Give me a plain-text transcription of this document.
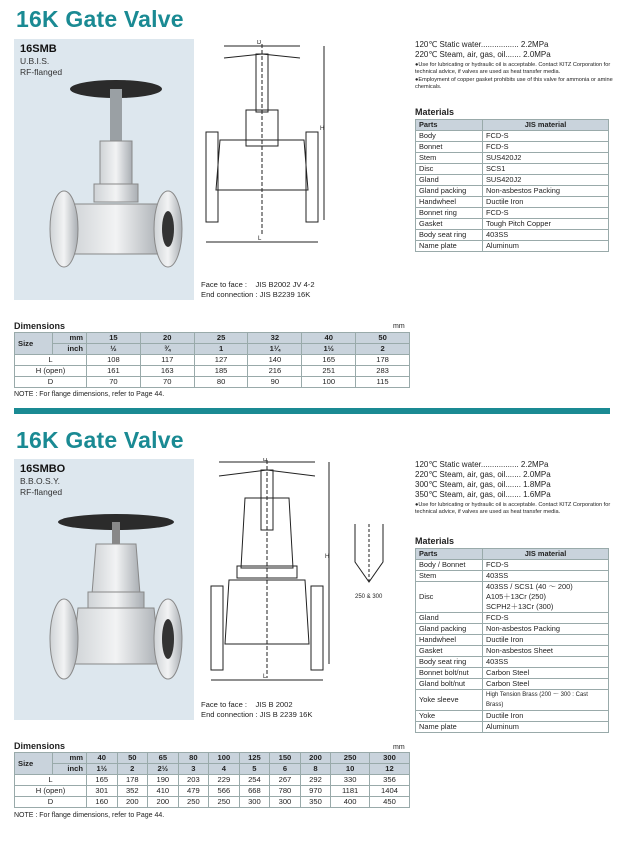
16K Gate Valve
16SMB
U.B.I.S.
RF-flanged
D
H
L
Face to face :    JIS B2002 JV 4-2
End connection : JIS B2239 16K
120℃ Static water................. 2.2MPa
220℃ Steam, air, gas, oil....... 2.0MPa
●Use for lubricating or hydraulic oil is acceptable. Contact KITZ Corporation for technical advice, if valves are used as heat transfer media.
●Employment of copper gasket prohibits use of this valve for ammonia or amine chemicals.
Materials
Parts	JIS material
Body	FCD-S
Bonnet	FCD-S
Stem	SUS420J2
Disc	SCS1
Gland	SUS420J2
Gland packing	Non-asbestos Packing
Handwheel	Ductile Iron
Bonnet ring	FCD-S
Gasket	Tough Pitch Copper
Body seat ring	403SS
Name plate	Aluminum
Dimensions	mm
Size	mm	15	20	25	32	40	50
	inch	½	¾	1	1¼	1½	2
L		108	117	127	140	165	178
H (open)		161	163	185	216	251	283
D		70	70	80	90	100	115
NOTE : For flange dimensions, refer to Page 44.
16K Gate Valve
16SMBO
B.B.O.S.Y.
RF-flanged
D
H
L
250 & 300
Face to face :    JIS B 2002
End connection : JIS B 2239 16K
120℃ Static water................. 2.2MPa
220℃ Steam, air, gas, oil....... 2.0MPa
300℃ Steam, air, gas, oil....... 1.8MPa
350℃ Steam, air, gas, oil....... 1.6MPa
●Use for lubricating or hydraulic oil is acceptable. Contact KITZ Corporation for technical advice, if valves are used as heat transfer media.
Materials
Parts	JIS material
Body / Bonnet	FCD-S
Stem	403SS
Disc	403SS / SCS1 (40 ～ 200)
A105＋13Cr (250)
SCPH2＋13Cr (300)

Gland	FCD-S
Gland packing	Non-asbestos Packing
Handwheel	Ductile Iron
Gasket	Non-asbestos Sheet
Body seat ring	403SS
Bonnet bolt/nut	Carbon Steel
Gland bolt/nut	Carbon Steel
Yoke sleeve	High Tension Brass (200 ～ 300 : Cast Brass)
Yoke	Ductile Iron
Name plate	Aluminum
Dimensions	mm
Size	mm	40	50	65	80	100	125	150	200	250	300
	inch	1½	2	2½	3	4	5	6	8	10	12
L		165	178	190	203	229	254	267	292	330	356
H (open)		301	352	410	479	566	668	780	970	1181	1404
D		160	200	200	250	250	300	300	350	400	450
NOTE : For flange dimensions, refer to Page 44.
